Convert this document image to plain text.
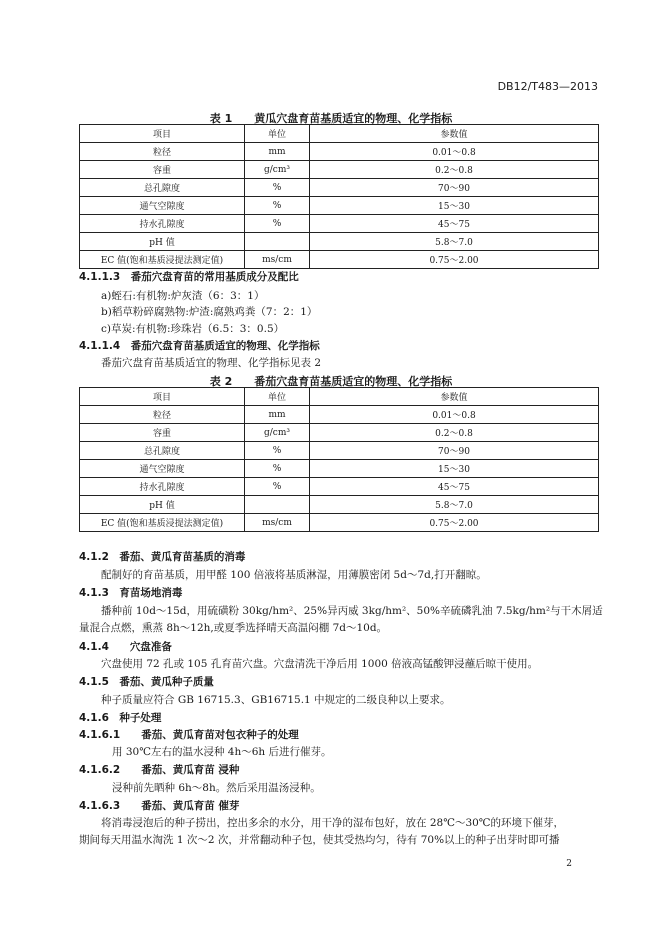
DB12/T483—2013
表 1　　黄瓜穴盘育苗基质适宜的物理、化学指标
项目	单位	参数值
粒径	mm	0.01～0.8
容重	g/cm³	0.2～0.8
总孔隙度	%	70～90
通气空隙度	%	15～30
持水孔隙度	%	45～75
pH 值		5.8～7.0
EC 值(饱和基质浸提法测定值)	ms/cm	0.75～2.00
4.1.1.3　番茄穴盘育苗的常用基质成分及配比
a)蛭石:有机物:炉灰渣（6：3：1）
b)稻草粉碎腐熟物:炉渣:腐熟鸡粪（7：2：1）
c)草炭:有机物:珍珠岩（6.5：3：0.5）
4.1.1.4　番茄穴盘育苗基质适宜的物理、化学指标
番茄穴盘育苗基质适宜的物理、化学指标见表 2
表 2　　番茄穴盘育苗基质适宜的物理、化学指标
项目	单位	参数值
粒径	mm	0.01～0.8
容重	g/cm³	0.2～0.8
总孔隙度	%	70～90
通气空隙度	%	15～30
持水孔隙度	%	45～75
pH 值		5.8～7.0
EC 值(饱和基质浸提法测定值)	ms/cm	0.75～2.00
4.1.2　番茄、黄瓜育苗基质的消毒
配制好的育苗基质，用甲醛 100 倍液将基质淋湿，用薄膜密闭 5d～7d,打开翻晾。
4.1.3　育苗场地消毒
播种前 10d～15d，用硫磺粉 30kg/hm²、25%异丙威 3kg/hm²、50%辛硫磷乳油 7.5kg/hm²与干木屑适
量混合点燃，熏蒸 8h～12h,或夏季选择晴天高温闷棚 7d～10d。
4.1.4　　穴盘准备
穴盘使用 72 孔或 105 孔育苗穴盘。穴盘清洗干净后用 1000 倍液高锰酸钾浸蘸后晾干使用。
4.1.5　番茄、黄瓜种子质量
种子质量应符合 GB 16715.3、GB16715.1 中规定的二级良种以上要求。
4.1.6　种子处理
4.1.6.1　　番茄、黄瓜育苗对包衣种子的处理
用 30℃左右的温水浸种 4h～6h 后进行催芽。
4.1.6.2　　番茄、黄瓜育苗 浸种
浸种前先晒种 6h～8h。然后采用温汤浸种。
4.1.6.3　　番茄、黄瓜育苗 催芽
将消毒浸泡后的种子捞出，控出多余的水分，用干净的湿布包好，放在 28℃～30℃的环境下催芽，
期间每天用温水淘洗 1 次～2 次，并常翻动种子包，使其受热均匀，待有 70%以上的种子出芽时即可播
2
